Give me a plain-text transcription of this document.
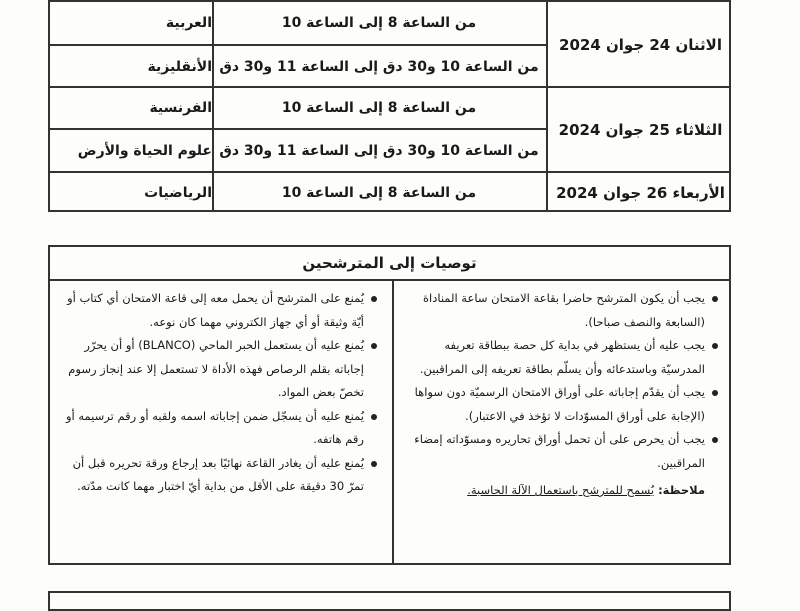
من الساعة 8 إلى الساعة 10
العربية
من الساعة 10 و30 دق إلى الساعة 11 و30 دق
الأنقليزية
الاثنان 24 جوان 2024
من الساعة 8 إلى الساعة 10
الفرنسية
من الساعة 10 و30 دق إلى الساعة 11 و30 دق
علوم الحياة والأرض
الثلاثاء 25 جوان 2024
من الساعة 8 إلى الساعة 10
الرياضيات	الأربعاء 26 جوان 2024
توصيات إلى المترشحين
يجب أن يكون المترشح حاضرا بقاعة الامتحان ساعة المناداة (السابعة والنصف صباحا).
يجب عليه أن يستظهر في بداية كل حصة ببطاقة تعريفه المدرسيّة وباستدعائه وأن يسلّم بطاقة تعريفه إلى المراقبين.
يجب أن يقدّم إجاباته على أوراق الامتحان الرسميّة دون سواها (الإجابة على أوراق المسوّدات لا تؤخذ في الاعتبار).
يجب أن يحرص على أن تحمل أوراق تحاريره ومسوّداته إمضاء المراقبين.
ملاحظة: يُسمح للمترشح باستعمال الآلة الحاسبة.
يُمنع على المترشح أن يحمل معه إلى قاعة الامتحان أي كتاب أو أيّة وثيقة أو أي جهاز الكتروني مهما كان نوعه.
يُمنع عليه أن يستعمل الحبر الماحي (BLANCO) أو أن يحرّر إجاباته بقلم الرصاص فهذه الأداة لا تستعمل إلا عند إنجاز رسوم تخصّ بعض المواد.
يُمنع عليه أن يسجّل ضمن إجاباته اسمه ولقبه أو رقم ترسيمه أو رقم هاتفه.
يُمنع عليه أن يغادر القاعة نهائيًا بعد إرجاع ورقة تحريره قبل أن تمرّ 30 دقيقة على الأقل من بداية أيّ اختبار مهما كانت مدّته.
